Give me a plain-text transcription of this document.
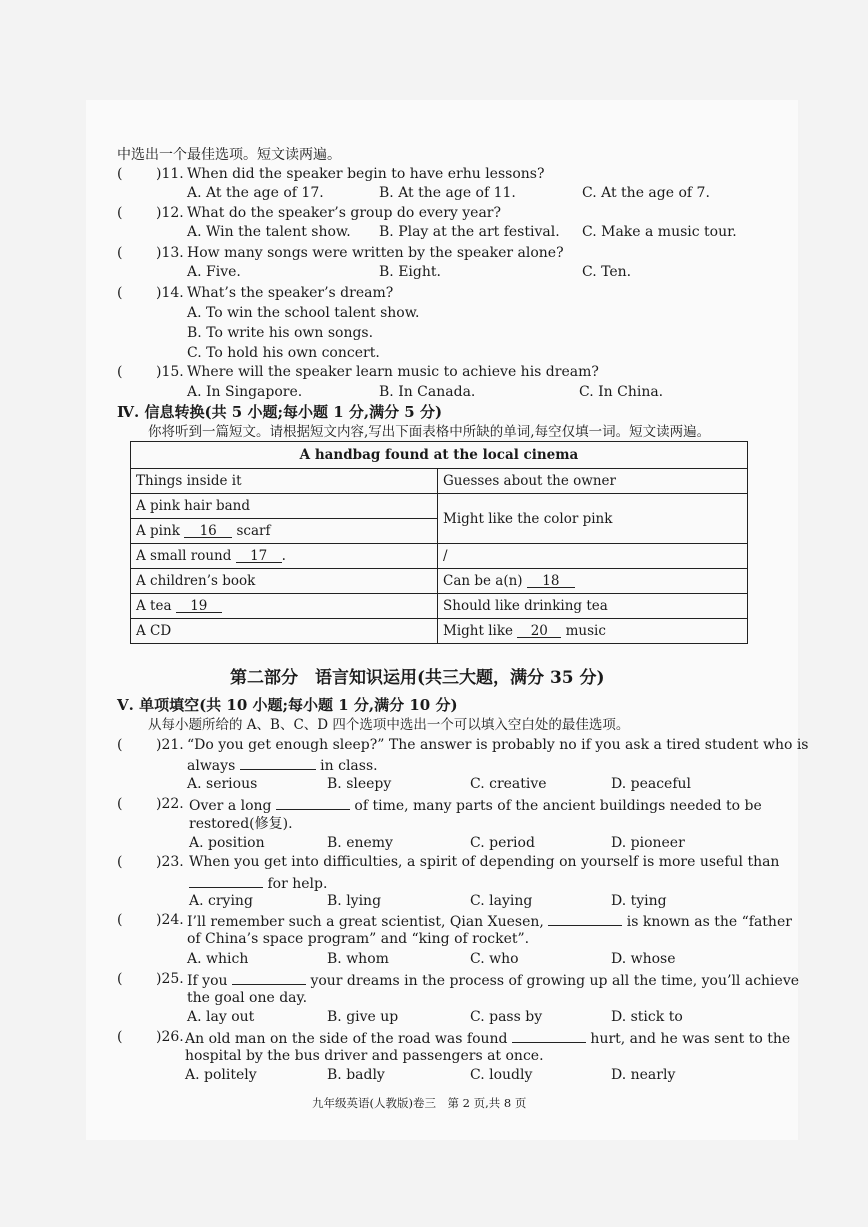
中选出一个最佳选项。短文读两遍。
( )11. When did the speaker begin to have erhu lessons?
A. At the age of 17.	B. At the age of 11.	C. At the age of 7.
( )12. What do the speaker’s group do every year?
A. Win the talent show. B. Play at the art festival. C. Make a music tour.
( )13. How many songs were written by the speaker alone?
A. Five.	B. Eight.	C. Ten.
( )14. What’s the speaker’s dream?
A. To win the school talent show.
B. To write his own songs.
C. To hold his own concert.
( )15. Where will the speaker learn music to achieve his dream?
A. In Singapore.	B. In Canada.	C. In China.
Ⅳ. 信息转换(共 5 小题;每小题 1 分,满分 5 分)
你将听到一篇短文。请根据短文内容,写出下面表格中所缺的单词,每空仅填一词。短文读两遍。
A handbag found at the local cinema	
Things inside it	Guesses about the owner
A pink hair band	Might like the color pink
A pink 16 scarf	
A small round 17 .	/
A children’s book	Can be a(n) 18
A tea 19	Should like drinking tea
A CD	Might like 20 music
第二部分　语言知识运用(共三大题，满分 35 分)
Ⅴ. 单项填空(共 10 小题;每小题 1 分,满分 10 分)
从每小题所给的 A、B、C、D 四个选项中选出一个可以填入空白处的最佳选项。
( )21. “Do you get enough sleep?” The answer is probably no if you ask a tired student who is
always	in class.
A. serious	B. sleepy	C. creative	D. peaceful
( )22. Over a long	of time, many parts of the ancient buildings needed to be
restored(修复).
A. position	B. enemy	C. period	D. pioneer
( )23. When you get into difficulties, a spirit of depending on yourself is more useful than
for help.
A. crying	B. lying	C. laying	D. tying
( )24. I’ll remember such a great scientist, Qian Xuesen,	is known as the “father
of China’s space program” and “king of rocket”.
A. which	B. whom	C. who	D. whose
( )25. If you	your dreams in the process of growing up all the time, you’ll achieve
the goal one day.
A. lay out	B. give up	C. pass by	D. stick to
( )26. An old man on the side of the road was found	hurt, and he was sent to the
hospital by the bus driver and passengers at once.
A. politely	B. badly	C. loudly	D. nearly
九年级英语(人教版)卷三　第 2 页,共 8 页
